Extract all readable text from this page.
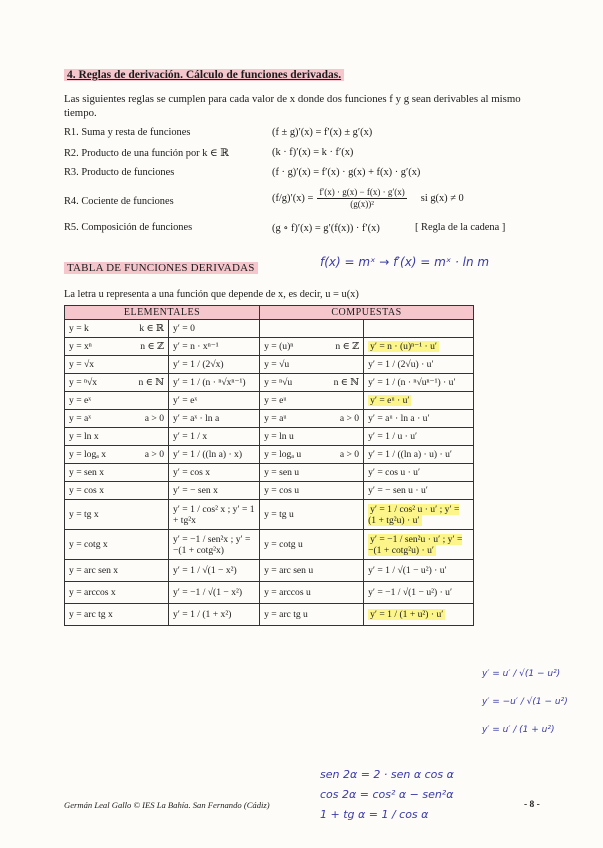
4. Reglas de derivación. Cálculo de funciones derivadas.
Las siguientes reglas se cumplen para cada valor de x donde dos funciones f y g sean derivables al mismo tiempo.
R1. Suma y resta de funciones	(f ± g)′(x) = f′(x) ± g′(x)
R2. Producto de una función por k ∈ ℝ	(k · f)′(x) = k · f′(x)
R3. Producto de funciones	(f · g)′(x) = f′(x) · g(x) + f(x) · g′(x)
R4. Cociente de funciones	$(f/g)'(x) = \frac{f'(x) \cdot g(x) - f(x) \cdot g'(x)}{\text{(g(x))²}}$ si g(x) ≠ 0
R5. Composición de funciones	(g ∘ f)′(x) = g′(f(x)) · f′(x)	[ Regla de la cadena ]
TABLA DE FUNCIONES DERIVADAS	f(x) = mˣ → f′(x) = mˣ · ln m
La letra u representa a una función que depende de x, es decir, u = u(x)
ELEMENTALES		COMPUESTAS	

y = k k ∈ ℝ	y′ = 0	

y = xⁿ n ∈ ℤ	y′ = n · xⁿ⁻¹	y = (u)ⁿ n ∈ ℤ	y′ = n · (u)ⁿ⁻¹ · u′

y = √x	y′ = 1 / (2√x)	y = √u	y′ = 1 / (2√u) · u′

y = ⁿ√x n ∈ ℕ	y′ = 1 / (n · ⁿ√xⁿ⁻¹)	y = ⁿ√u n ∈ ℕ	y′ = 1 / (n · ⁿ√uⁿ⁻¹) · u′

y = eˣ	y′ = eˣ	y = eᵘ	y′ = eᵘ · u′

y = aˣ a > 0	y′ = aˣ · ln a	y = aᵘ a > 0	y′ = aᵘ · ln a · u′

y = ln x	y′ = 1 / x	y = ln u	y′ = 1 / u · u′

y = logₐ x a > 0	y′ = 1 / ((ln a) · x)	y = logₐ u a > 0	y′ = 1 / ((ln a) · u) · u′

y = sen x	y′ = cos x	y = sen u	y′ = cos u · u′

y = cos x	y′ = − sen x	y = cos u	y′ = − sen u · u′

y = tg x	y′ = 1 / cos² x ; y′ = 1 + tg²x	y = tg u	y′ = 1 / cos² u · u′ ; y′ = (1 + tg²u) · u′

y = cotg x	y′ = −1 / sen²x ; y′ = −(1 + cotg²x)	y = cotg u	y′ = −1 / sen²u · u′ ; y′ = −(1 + cotg²u) · u′

y = arc sen x	y′ = 1 / √(1 − x²)	y = arc sen u	y′ = 1 / √(1 − u²) · u′

y = arccos x	y′ = −1 / √(1 − x²)	y = arccos u	y′ = −1 / √(1 − u²) · u′

y = arc tg x	y′ = 1 / (1 + x²)	y = arc tg u	y′ = 1 / (1 + u²) · u′
y′ = u′ / √(1 − u²)
y′ = −u′ / √(1 − u²)
y′ = u′ / (1 + u²)
sen 2α = 2 · sen α cos α
cos 2α = cos² α − sen²α
1 + tg α = 1 / cos α
Germán Leal Gallo © IES La Bahía. San Fernando (Cádiz)	- 8 -
